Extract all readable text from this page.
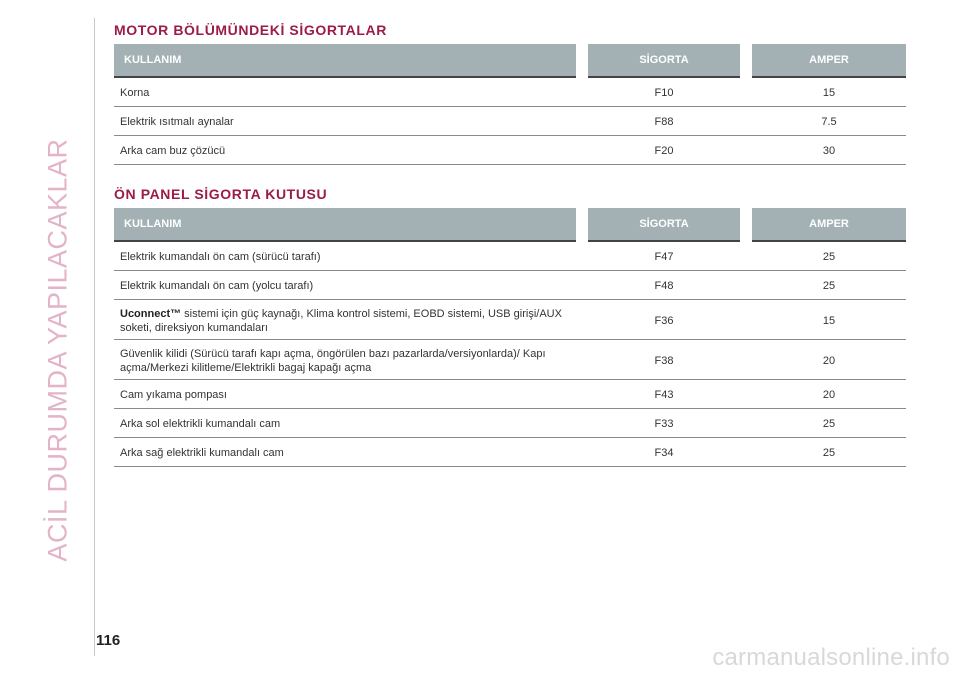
ACİL DURUMDA YAPILACAKLAR
MOTOR BÖLÜMÜNDEKİ SİGORTALAR
KULLANIM		SİGORTA		AMPER
Korna		F10		15
Elektrik ısıtmalı aynalar		F88		7.5
Arka cam buz çözücü		F20		30
ÖN PANEL SİGORTA KUTUSU
KULLANIM		SİGORTA		AMPER
Elektrik kumandalı ön cam (sürücü tarafı)		F47		25
Elektrik kumandalı ön cam (yolcu tarafı)		F48		25
Uconnect™ sistemi için güç kaynağı, Klima kontrol sistemi, EOBD sistemi, USB girişi/AUX soketi, direksiyon kumandaları		F36		15
Güvenlik kilidi (Sürücü tarafı kapı açma, öngörülen bazı pazarlarda/versiyonlarda)/ Kapı açma/Merkezi kilitleme/Elektrikli bagaj kapağı açma		F38		20
Cam yıkama pompası		F43		20
Arka sol elektrikli kumandalı cam		F33		25
Arka sağ elektrikli kumandalı cam		F34		25
116
carmanualsonline.info
